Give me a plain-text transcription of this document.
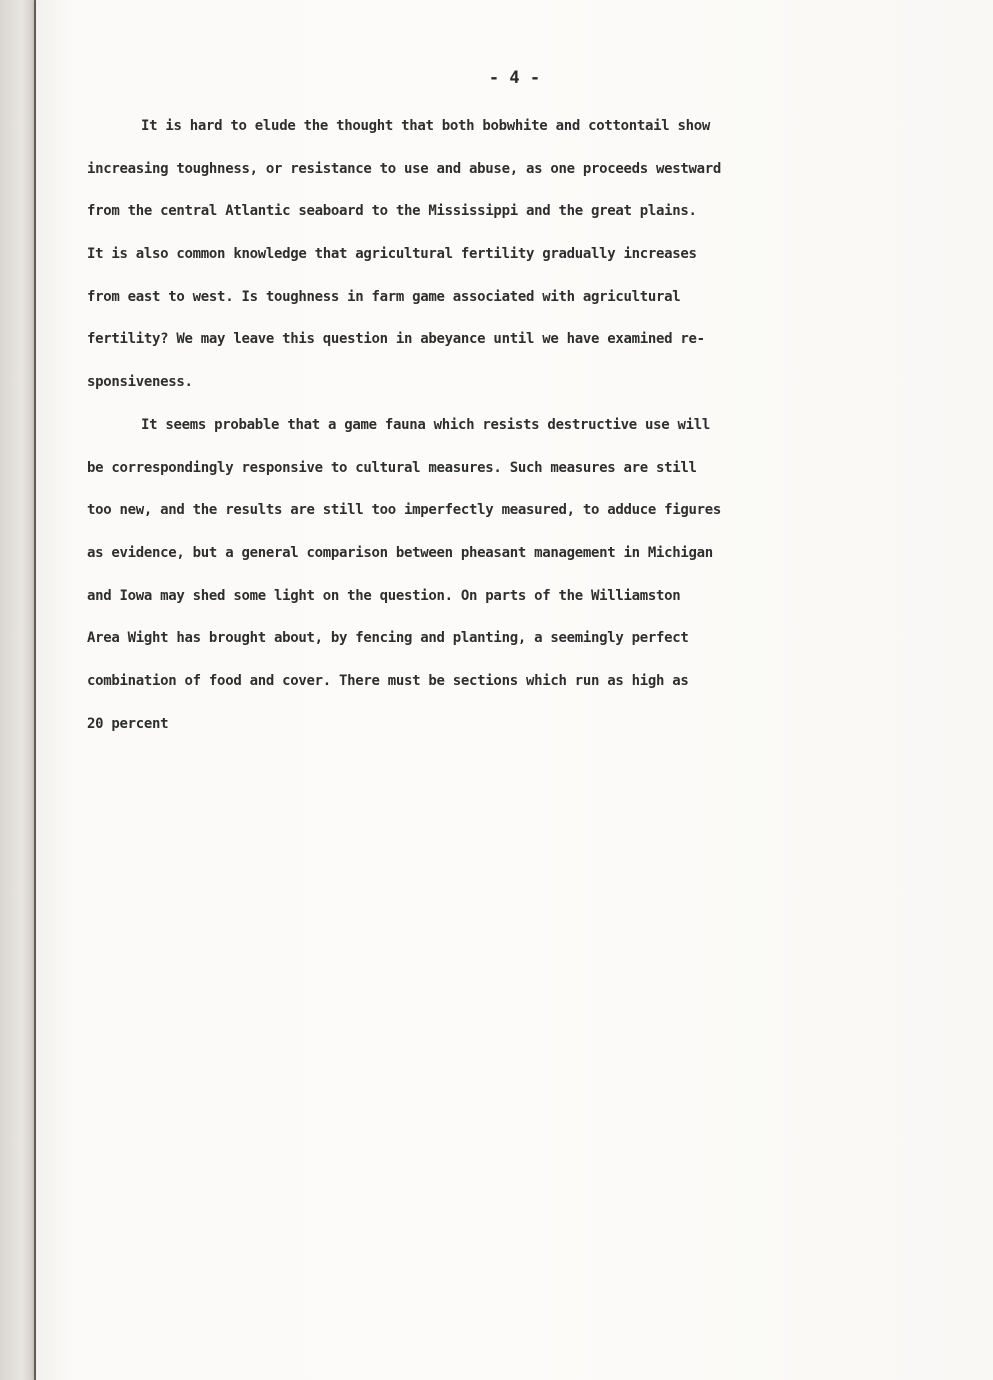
- 4 -
It is hard to elude the thought that both bobwhite and cottontail show
increasing toughness, or resistance to use and abuse, as one proceeds westward
from the central Atlantic seaboard to the Mississippi and the great plains.
It is also common knowledge that agricultural fertility gradually increases
from east to west. Is toughness in farm game associated with agricultural
fertility? We may leave this question in abeyance until we have examined re-
sponsiveness.
It seems probable that a game fauna which resists destructive use will
be correspondingly responsive to cultural measures. Such measures are still
too new, and the results are still too imperfectly measured, to adduce figures
as evidence, but a general comparison between pheasant management in Michigan
and Iowa may shed some light on the question. On parts of the Williamston
Area Wight has brought about, by fencing and planting, a seemingly perfect
combination of food and cover. There must be sections which run as high as
20 percent
